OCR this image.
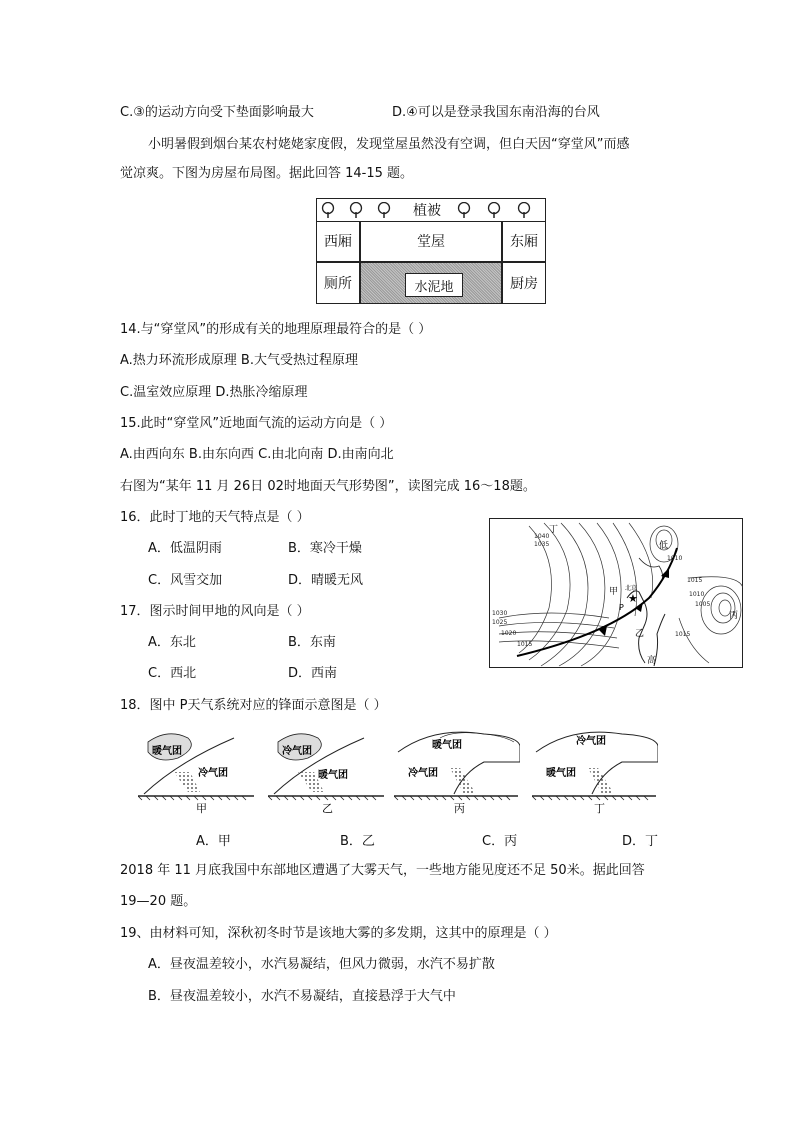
C.③的运动方向受下垫面影响最大	D.④可以是登录我国东南沿海的台风
小明暑假到烟台某农村姥姥家度假，发现堂屋虽然没有空调，但白天因“穿堂风”而感
觉凉爽。下图为房屋布局图。据此回答 14-15 题。
植被
西厢	堂屋	东厢
厕所	水泥地	厨房
14.与“穿堂风”的形成有关的地理原理最符合的是（ ）
A.热力环流形成原理 B.大气受热过程原理
C.温室效应原理 D.热胀冷缩原理
15.此时“穿堂风”近地面气流的运动方向是（ ）
A.由西向东 B.由东向西 C.由北向南 D.由南向北
右图为“某年 11 月 26日 02时地面天气形势图”，读图完成 16～18题。
16．此时丁地的天气特点是（ ）
A．低温阴雨	B．寒冷干燥
C．风雪交加	D．晴暖无风
17．图示时间甲地的风向是（ ）
A．东北	B．东南
C．西北	D．西南
★
丁
低
甲 北京
P
乙
高
丙
1040
1035
1030
1025
1020
1015
1010
1015
1010
1005
1015
18．图中 P天气系统对应的锋面示意图是（ ）
暖气团
冷气团
甲
冷气团
暖气团
乙
暖气团
冷气团
丙
冷气团
暖气团
丁
A．甲	B．乙	C．丙	D．丁
2018 年 11 月底我国中东部地区遭遇了大雾天气，一些地方能见度还不足 50米。据此回答
19—20 题。
19、由材料可知，深秋初冬时节是该地大雾的多发期，这其中的原理是（ ）
A．昼夜温差较小，水汽易凝结，但风力微弱，水汽不易扩散
B．昼夜温差较小，水汽不易凝结，直接悬浮于大气中
